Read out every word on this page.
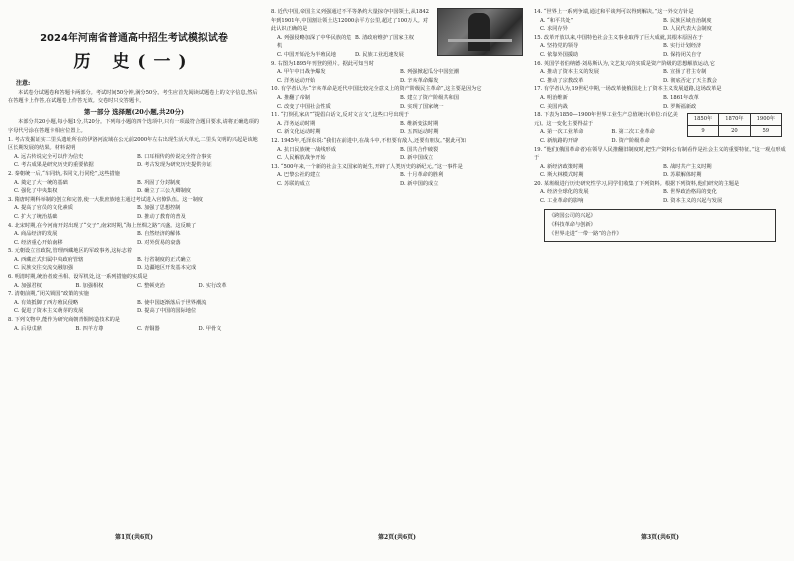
2024年河南省普通高中招生考试模拟试卷
历 史(一)
注意:
本试卷分试题卷和答题卡两部分。考试时间50分钟,满分50分。考生应首先阅读试题卷上的文字信息,然后在答题卡上作答,在试题卷上作答无效。交卷时只交答题卡。
第一部分 选择题(20小题,共20分)
本部分共20小题,每小题1分,共20分。下列每小题的四个选项中,只有一项最符合题目要求,请将正确选项的字母代号涂在答题卡相应位置上。
1. 考古发掘证实二里头遗址所在的伊洛河流域在公元前2000年左右出现生活大单元,二里头文明的兴起是该地区长期发展的结果。材料说明
A. 远古传说完全可以作为信史	B. 口耳相传的传说完全符合事实
C. 考古成果是研究历史的重要依据	D. 考古发现为研究历史提供旁证
2. 秦朝统一后,“车同轨,书同文,行同伦”,这些措施
A. 奠定了大一统的基础	B. 巩固了分封制度
C. 强化了中央集权	D. 确立了三公九卿制度
3. 隋唐时期科举制的创立和完善,使一大批庶族地主通过考试进入官僚队伍。这一制度
A. 提高了官员的文化素质	B. 加强了思想控制
C. 扩大了统治基础	D. 推动了教育的普及
4. 北宋时期,在今河南开封出现了“交子”,南宋时期,“海上丝绸之路”兴盛。这反映了
A. 商品经济的发展	B. 自然经济的解体
C. 经济重心开始南移	D. 对外贸易的衰落
5. 元朝设立宣政院,管理西藏地区的军政事务,这标志着
A. 西藏正式归属中央政府管辖	B. 行省制度的正式确立
C. 民族交往交流交融加强	D. 边疆地区开发基本完成
6. 明清时期,统治者废丞相、设军机处,这一系列措施的实质是
A. 加强君权	B. 加强相权	C. 整顿吏治	D. 实行改革
7. 清朝前期,“闭关锁国”政策的实施
A. 有效抵御了西方殖民侵略	B. 使中国逐渐落后于世界潮流
C. 促进了资本主义萌芽的发展	D. 提高了中国的国际地位
8. 下列文物中,能作为研究商朝青铜铸造技术的是
A. 后母戊鼎	B. 四羊方尊	C. 青铜器	D. 甲骨文
8. 近代中国,帝国主义列强通过不平等条约大量掠夺中国领土,从1842年到1901年,中国割让领土达12000余平方公里,超过了100万人。对此认识正确的是
A. 列强侵略加深了中华民族的危机
B. 清政府维护了国家主权
C. 中国开始沦为半殖民地	D. 民族工业迅速发展
9. 右图为1895年刊登的照片。据此可知当时
A. 甲午中日战争爆发	B. 列强掀起瓜分中国狂潮
C. 洋务运动开始	D. 辛亥革命爆发
10. 有学者认为:“辛亥革命是近代中国比较完全意义上的资产阶级民主革命”,这主要是因为它
A. 推翻了帝制	B. 建立了资产阶级共和国
C. 改变了中国社会性质	D. 实现了国家统一
11. “打倒孔家店”“提倡白话文,反对文言文”,这些口号出现于
A. 洋务运动时期	B. 维新变法时期
C. 新文化运动时期	D. 五四运动时期
12. 1945年,毛泽东说:“我们在前进中,在战斗中,不但要有敌人,还要有朋友。”据此可知
A. 抗日民族统一战线形成	B. 国共合作破裂
C. 人民解放战争开始	D. 新中国成立
13. “500年来,一个新的社会主义国家的诞生,开辟了人类历史的新纪元。”这一事件是
A. 巴黎公社的建立	B. 十月革命的胜利
C. 苏联的成立	D. 新中国的成立
14. “世界上一系列争端,通过和平谈判可以得到解决。”这一外交方针是
A. “和平共处”	B. 民族区域自治制度
C. 求同存异	D. 人民代表大会制度
15. 改革开放以来,中国特色社会主义事业取得了巨大成就,其根本原因在于
A. 坚持党的领导	B. 实行计划经济
C. 依靠外国援助	D. 保持闭关自守
16. 英国学者伯纳德·刘易斯认为,文艺复兴的实质是资产阶级的思想解放运动,它
A. 推动了资本主义的发展	B. 宣扬了君主专制
C. 推动了宗教改革	D. 彻底否定了天主教会
17. 有学者认为,19世纪中期,一场改革使俄国走上了资本主义发展道路,这场改革是
A. 明治维新	B. 1861年改革
C. 美国内战	D. 罗斯福新政
1850年	1870年	1900年
9	20	59
18. 下表为1850—1900年世界工业生产总值统计(单位:百亿美元)。这一变化主要得益于
A. 第一次工业革命	B. 第二次工业革命
C. 新航路的开辟	D. 资产阶级革命
19. “他们(俄国革命者)在领导人民推翻旧制度时,把生产资料公有制看作是社会主义的重要特征。”这一观点形成于
A. 新经济政策时期	B. 战时共产主义时期
C. 斯大林模式时期	D. 苏联解体时期
20. 某班级进行历史研究性学习,同学们收集了下列资料。根据下列资料,他们研究的主题是
A. 经济全球化的发展	B. 世界政治格局的变化
C. 工业革命的影响	D. 资本主义的兴起与发展
《跨国公司的兴起》
《科技革命与创新》
《世界走进“一带一路”的合作》
第1页(共6页)	第2页(共6页)	第3页(共6页)
